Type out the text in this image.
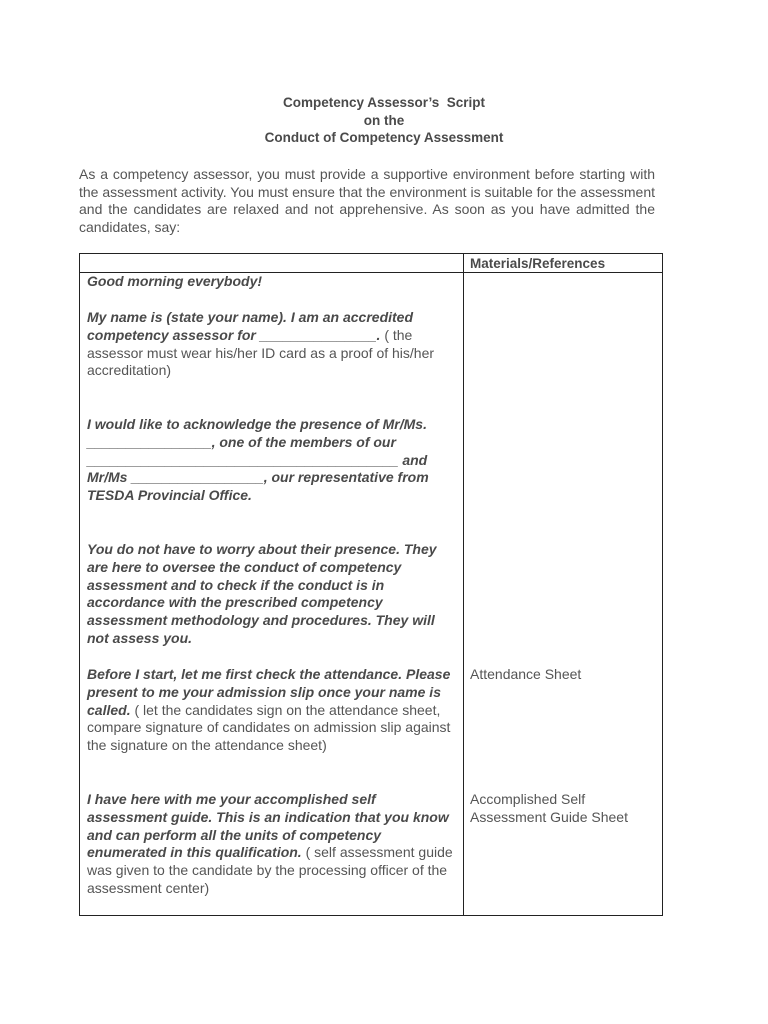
Competency Assessor’s  Script
on the
Conduct of Competency Assessment
As a competency assessor, you must provide a supportive environment before starting with the assessment activity. You must ensure that the environment is suitable for the assessment and the candidates are relaxed and not apprehensive. As soon as you have admitted the candidates, say:
Materials/References
Good morning everybody!
My name is (state your name). I am an accredited competency assessor for _______________. ( the assessor must wear his/her ID card as a proof of his/her accreditation)
I would like to acknowledge the presence of Mr/Ms. ________________, one of the members of our ________________________________________ and Mr/Ms _________________, our representative from TESDA Provincial Office.
You do not have to worry about their presence. They are here to oversee the conduct of competency assessment and to check if the conduct is in accordance with the prescribed competency assessment methodology and procedures. They will not assess you.
Before I start, let me first check the attendance. Please present to me your admission slip once your name is called. ( let the candidates sign on the attendance sheet, compare signature of candidates on admission slip against the signature on the attendance sheet)
Attendance Sheet
I have here with me your accomplished self assessment guide. This is an indication that you know and can perform all the units of competency enumerated in this qualification. ( self assessment guide was given to the candidate by the processing officer of the assessment center)
Accomplished Self Assessment Guide Sheet
